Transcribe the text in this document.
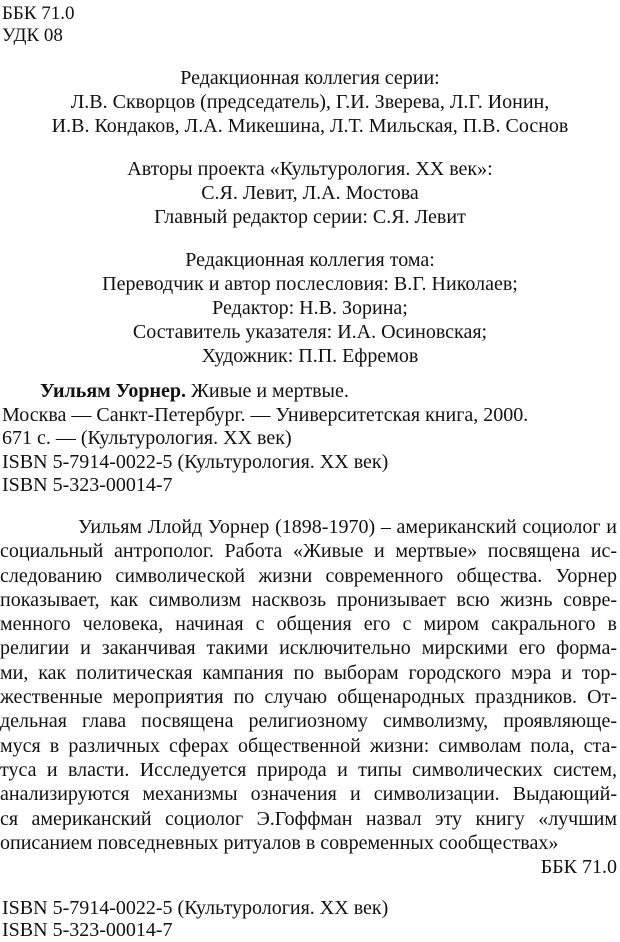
ББК 71.0
УДК 08
Редакционная коллегия серии:
Л.В. Скворцов (председатель), Г.И. Зверева, Л.Г. Ионин,
И.В. Кондаков, Л.А. Микешина, Л.Т. Мильская, П.В. Соснов
Авторы проекта «Культурология. XX век»:
С.Я. Левит, Л.А. Мостова
Главный редактор серии: С.Я. Левит
Редакционная коллегия тома:
Переводчик и автор послесловия: В.Г. Николаев;
Редактор: Н.В. Зорина;
Составитель указателя: И.А. Осиновская;
Художник: П.П. Ефремов
Уильям Уорнер. Живые и мертвые.
Москва — Санкт-Петербург. — Университетская книга, 2000.
671 с. — (Культурология. XX век)
ISBN 5-7914-0022-5 (Культурология. XX век)
ISBN 5-323-00014-7
Уильям Ллойд Уорнер (1898-1970) – американский социолог и
социальный антрополог. Работа «Живые и мертвые» посвящена ис-
следованию символической жизни современного общества. Уорнер
показывает, как символизм насквозь пронизывает всю жизнь совре-
менного человека, начиная с общения его с миром сакрального в
религии и заканчивая такими исключительно мирскими его форма-
ми, как политическая кампания по выборам городского мэра и тор-
жественные мероприятия по случаю общенародных праздников. От-
дельная глава посвящена религиозному символизму, проявляюще-
муся в различных сферах общественной жизни: символам пола, ста-
туса и власти. Исследуется природа и типы символических систем,
анализируются механизмы означения и символизации. Выдающий-
ся американский социолог Э.Гоффман назвал эту книгу «лучшим
описанием повседневных ритуалов в современных сообществах»
ББК 71.0
ISBN 5-7914-0022-5 (Культурология. XX век)
ISBN 5-323-00014-7
